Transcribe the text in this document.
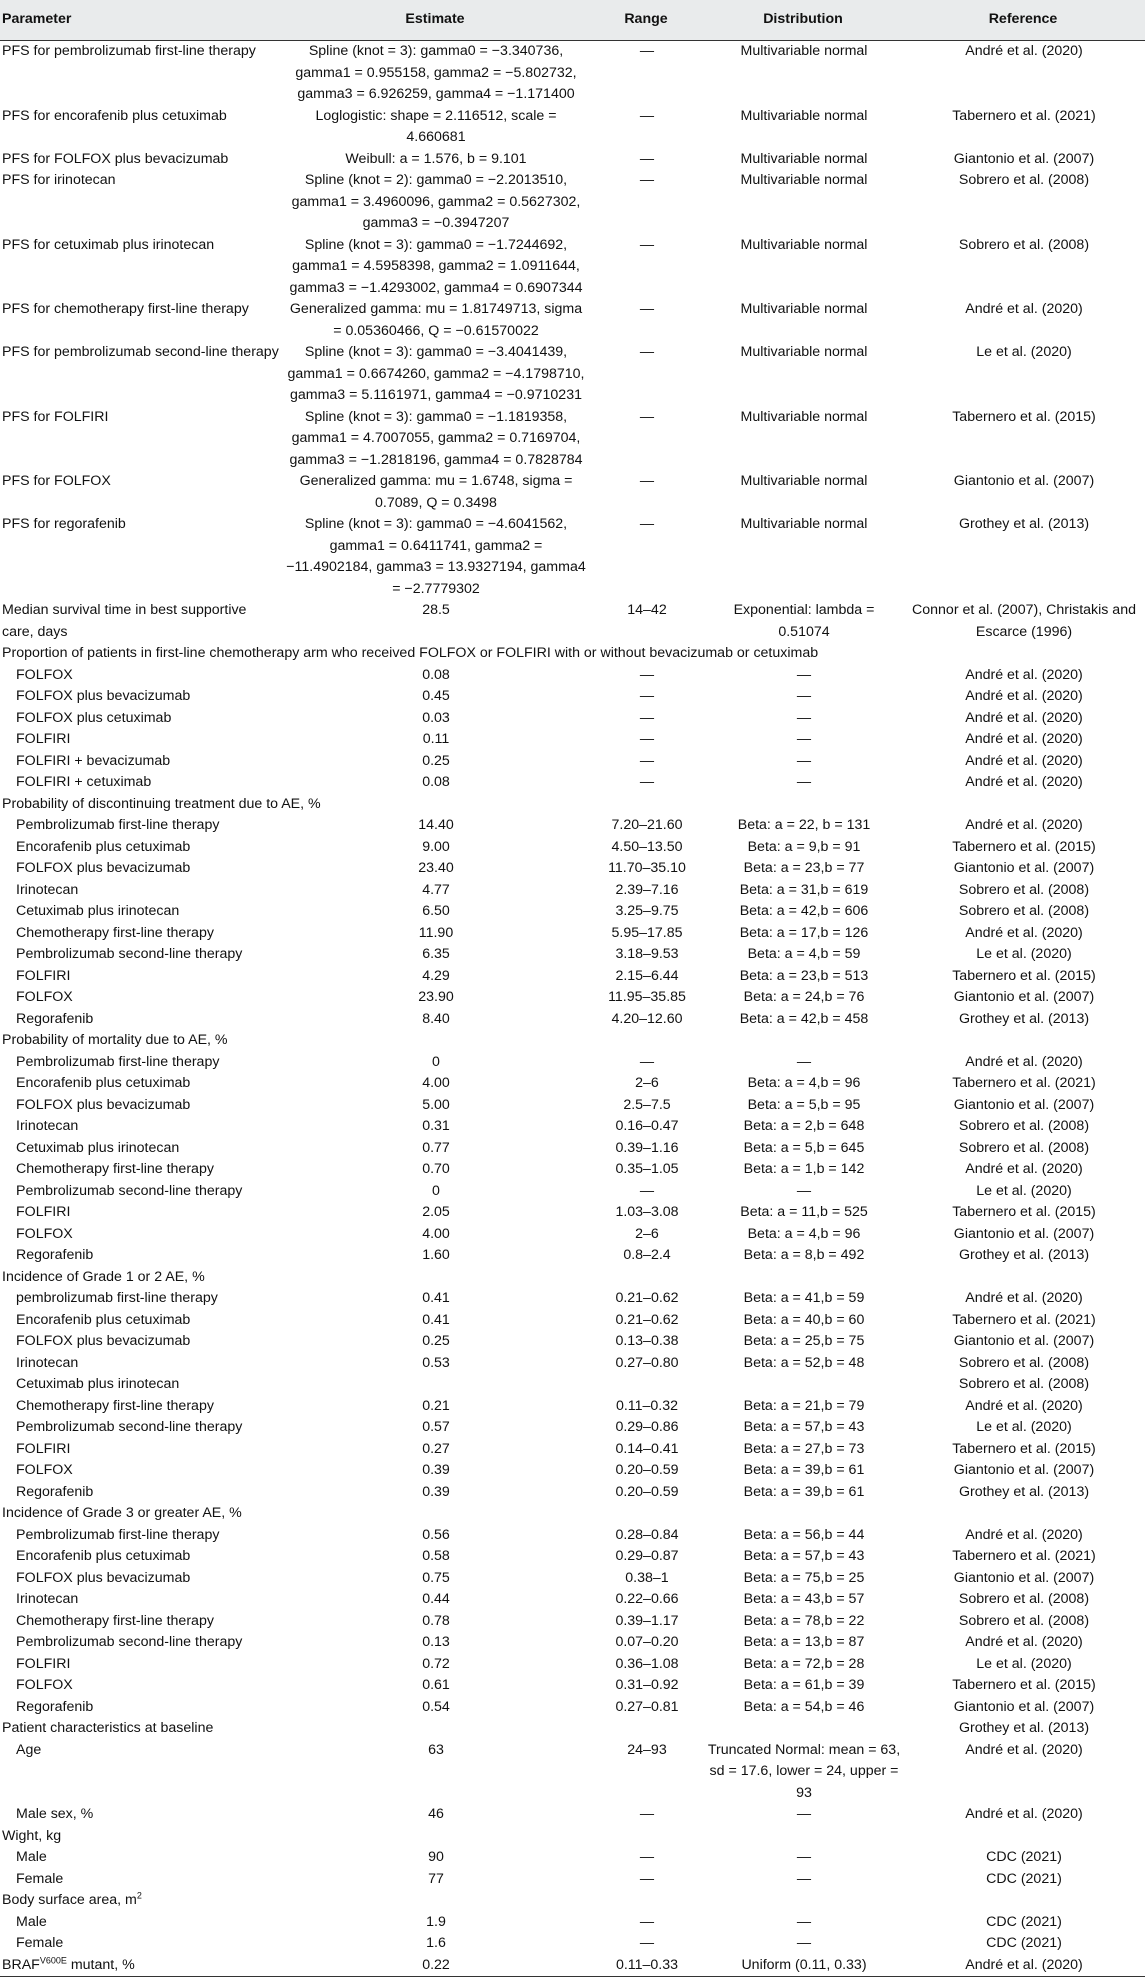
Parameter	Estimate	Range	Distribution	Reference
PFS for pembrolizumab first-line therapy	Spline (knot = 3): gamma0 = −3.340736, gamma1 = 0.955158, gamma2 = −5.802732, gamma3 = 6.926259, gamma4 = −1.171400	—	Multivariable normal	André et al. (2020)
PFS for encorafenib plus cetuximab	Loglogistic: shape = 2.116512, scale = 4.660681	—	Multivariable normal	Tabernero et al. (2021)
PFS for FOLFOX plus bevacizumab	Weibull: a = 1.576, b = 9.101	—	Multivariable normal	Giantonio et al. (2007)
PFS for irinotecan	Spline (knot = 2): gamma0 = −2.2013510, gamma1 = 3.4960096, gamma2 = 0.5627302, gamma3 = −0.3947207	—	Multivariable normal	Sobrero et al. (2008)
PFS for cetuximab plus irinotecan	Spline (knot = 3): gamma0 = −1.7244692, gamma1 = 4.5958398, gamma2 = 1.0911644, gamma3 = −1.4293002, gamma4 = 0.6907344	—	Multivariable normal	Sobrero et al. (2008)
PFS for chemotherapy first-line therapy	Generalized gamma: mu = 1.81749713, sigma = 0.05360466, Q = −0.61570022	—	Multivariable normal	André et al. (2020)
PFS for pembrolizumab second-line therapy	Spline (knot = 3): gamma0 = −3.4041439, gamma1 = 0.6674260, gamma2 = −4.1798710, gamma3 = 5.1161971, gamma4 = −0.9710231	—	Multivariable normal	Le et al. (2020)
PFS for FOLFIRI	Spline (knot = 3): gamma0 = −1.1819358, gamma1 = 4.7007055, gamma2 = 0.7169704, gamma3 = −1.2818196, gamma4 = 0.7828784	—	Multivariable normal	Tabernero et al. (2015)
PFS for FOLFOX	Generalized gamma: mu = 1.6748, sigma = 0.7089, Q = 0.3498	—	Multivariable normal	Giantonio et al. (2007)
PFS for regorafenib	Spline (knot = 3): gamma0 = −4.6041562, gamma1 = 0.6411741, gamma2 = −11.4902184, gamma3 = 13.9327194, gamma4 = −2.7779302	—	Multivariable normal	Grothey et al. (2013)
Median survival time in best supportive care, days	28.5	14–42	Exponential: lambda = 0.51074	Connor et al. (2007), Christakis and Escarce (1996)
Proportion of patients in first-line chemotherapy arm who received FOLFOX or FOLFIRI with or without bevacizumab or cetuximab				
FOLFOX	0.08	—	—	André et al. (2020)
FOLFOX plus bevacizumab	0.45	—	—	André et al. (2020)
FOLFOX plus cetuximab	0.03	—	—	André et al. (2020)
FOLFIRI	0.11	—	—	André et al. (2020)
FOLFIRI + bevacizumab	0.25	—	—	André et al. (2020)
FOLFIRI + cetuximab	0.08	—	—	André et al. (2020)
Probability of discontinuing treatment due to AE, %				
Pembrolizumab first-line therapy	14.40	7.20–21.60	Beta: a = 22, b = 131	André et al. (2020)
Encorafenib plus cetuximab	9.00	4.50–13.50	Beta: a = 9,b = 91	Tabernero et al. (2015)
FOLFOX plus bevacizumab	23.40	11.70–35.10	Beta: a = 23,b = 77	Giantonio et al. (2007)
Irinotecan	4.77	2.39–7.16	Beta: a = 31,b = 619	Sobrero et al. (2008)
Cetuximab plus irinotecan	6.50	3.25–9.75	Beta: a = 42,b = 606	Sobrero et al. (2008)
Chemotherapy first-line therapy	11.90	5.95–17.85	Beta: a = 17,b = 126	André et al. (2020)
Pembrolizumab second-line therapy	6.35	3.18–9.53	Beta: a = 4,b = 59	Le et al. (2020)
FOLFIRI	4.29	2.15–6.44	Beta: a = 23,b = 513	Tabernero et al. (2015)
FOLFOX	23.90	11.95–35.85	Beta: a = 24,b = 76	Giantonio et al. (2007)
Regorafenib	8.40	4.20–12.60	Beta: a = 42,b = 458	Grothey et al. (2013)
Probability of mortality due to AE, %				
Pembrolizumab first-line therapy	0	—	—	André et al. (2020)
Encorafenib plus cetuximab	4.00	2–6	Beta: a = 4,b = 96	Tabernero et al. (2021)
FOLFOX plus bevacizumab	5.00	2.5–7.5	Beta: a = 5,b = 95	Giantonio et al. (2007)
Irinotecan	0.31	0.16–0.47	Beta: a = 2,b = 648	Sobrero et al. (2008)
Cetuximab plus irinotecan	0.77	0.39–1.16	Beta: a = 5,b = 645	Sobrero et al. (2008)
Chemotherapy first-line therapy	0.70	0.35–1.05	Beta: a = 1,b = 142	André et al. (2020)
Pembrolizumab second-line therapy	0	—	—	Le et al. (2020)
FOLFIRI	2.05	1.03–3.08	Beta: a = 11,b = 525	Tabernero et al. (2015)
FOLFOX	4.00	2–6	Beta: a = 4,b = 96	Giantonio et al. (2007)
Regorafenib	1.60	0.8–2.4	Beta: a = 8,b = 492	Grothey et al. (2013)
Incidence of Grade 1 or 2 AE, %				
pembrolizumab first-line therapy	0.41	0.21–0.62	Beta: a = 41,b = 59	André et al. (2020)
Encorafenib plus cetuximab	0.41	0.21–0.62	Beta: a = 40,b = 60	Tabernero et al. (2021)
FOLFOX plus bevacizumab	0.25	0.13–0.38	Beta: a = 25,b = 75	Giantonio et al. (2007)
Irinotecan	0.53	0.27–0.80	Beta: a = 52,b = 48	Sobrero et al. (2008)
Cetuximab plus irinotecan				Sobrero et al. (2008)
Chemotherapy first-line therapy	0.21	0.11–0.32	Beta: a = 21,b = 79	André et al. (2020)
Pembrolizumab second-line therapy	0.57	0.29–0.86	Beta: a = 57,b = 43	Le et al. (2020)
FOLFIRI	0.27	0.14–0.41	Beta: a = 27,b = 73	Tabernero et al. (2015)
FOLFOX	0.39	0.20–0.59	Beta: a = 39,b = 61	Giantonio et al. (2007)
Regorafenib	0.39	0.20–0.59	Beta: a = 39,b = 61	Grothey et al. (2013)
Incidence of Grade 3 or greater AE, %				
Pembrolizumab first-line therapy	0.56	0.28–0.84	Beta: a = 56,b = 44	André et al. (2020)
Encorafenib plus cetuximab	0.58	0.29–0.87	Beta: a = 57,b = 43	Tabernero et al. (2021)
FOLFOX plus bevacizumab	0.75	0.38–1	Beta: a = 75,b = 25	Giantonio et al. (2007)
Irinotecan	0.44	0.22–0.66	Beta: a = 43,b = 57	Sobrero et al. (2008)
Chemotherapy first-line therapy	0.78	0.39–1.17	Beta: a = 78,b = 22	Sobrero et al. (2008)
Pembrolizumab second-line therapy	0.13	0.07–0.20	Beta: a = 13,b = 87	André et al. (2020)
FOLFIRI	0.72	0.36–1.08	Beta: a = 72,b = 28	Le et al. (2020)
FOLFOX	0.61	0.31–0.92	Beta: a = 61,b = 39	Tabernero et al. (2015)
Regorafenib	0.54	0.27–0.81	Beta: a = 54,b = 46	Giantonio et al. (2007)
Patient characteristics at baseline				Grothey et al. (2013)
Age	63	24–93	Truncated Normal: mean = 63, sd = 17.6, lower = 24, upper = 93	André et al. (2020)
Male sex, %	46	—	—	André et al. (2020)
Wight, kg				
Male	90	—	—	CDC (2021)
Female	77	—	—	CDC (2021)
Body surface area, $m^2$
Male	1.9	—	—	CDC (2021)
Female	1.6	—	—	CDC (2021)
$BRAF^{V600E}$ mutant, %	0.22	0.11–0.33	Uniform (0.11, 0.33)	André et al. (2020)
